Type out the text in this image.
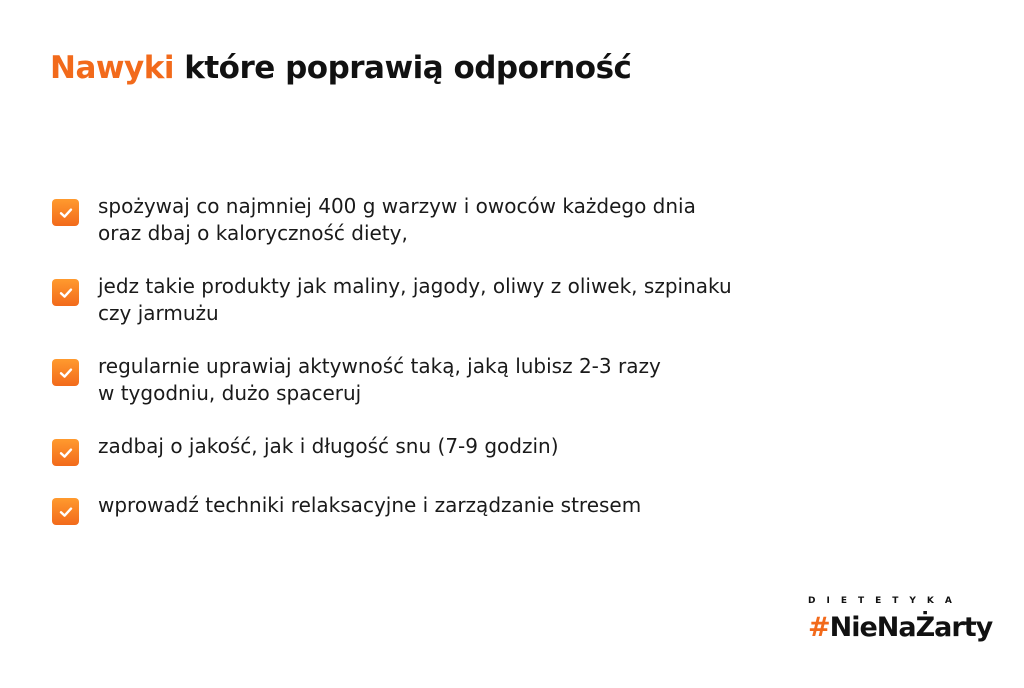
Nawyki które poprawią odporność
spożywaj co najmniej 400 g warzyw i owoców każdego dnia
oraz dbaj o kaloryczność diety,
jedz takie produkty jak maliny, jagody, oliwy z oliwek, szpinaku
czy jarmużu
regularnie uprawiaj aktywność taką, jaką lubisz 2-3 razy
w tygodniu, dużo spaceruj
zadbaj o jakość, jak i długość snu (7-9 godzin)
wprowadź techniki relaksacyjne i zarządzanie stresem
DIETETYKA
#NieNaŻarty
